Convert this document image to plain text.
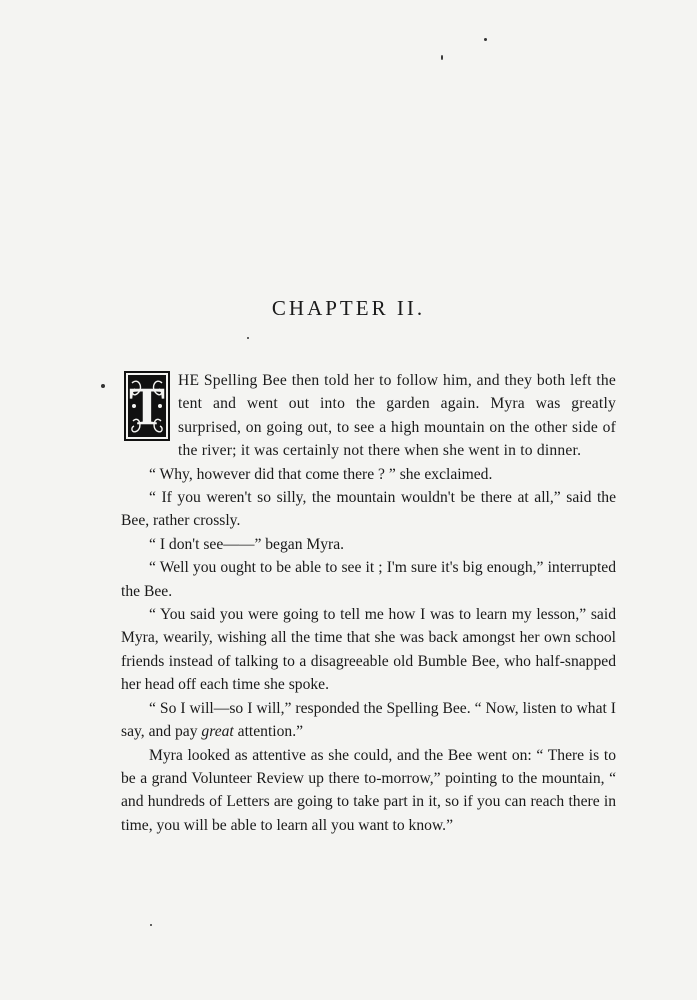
CHAPTER II.

T HE Spelling Bee then told her to follow him, and they both left the tent and went out into the garden again. Myra was greatly surprised, on going out, to see a high mountain on the other side of the river; it was certainly not there when she went in to dinner.

“ Why, however did that come there ? ” she exclaimed.

“ If you weren't so silly, the mountain wouldn't be there at all,” said the Bee, rather crossly.

“ I don't see——” began Myra.

“ Well you ought to be able to see it ; I'm sure it's big enough,” interrupted the Bee.

“ You said you were going to tell me how I was to learn my lesson,” said Myra, wearily, wishing all the time that she was back amongst her own school friends instead of talking to a disagreeable old Bumble Bee, who half-snapped her head off each time she spoke.

“ So I will—so I will,” responded the Spelling Bee. “ Now, listen to what I say, and pay great attention.”

Myra looked as attentive as she could, and the Bee went on: “ There is to be a grand Volunteer Review up there to-morrow,” pointing to the mountain, “ and hundreds of Letters are going to take part in it, so if you can reach there in time, you will be able to learn all you want to know.”
